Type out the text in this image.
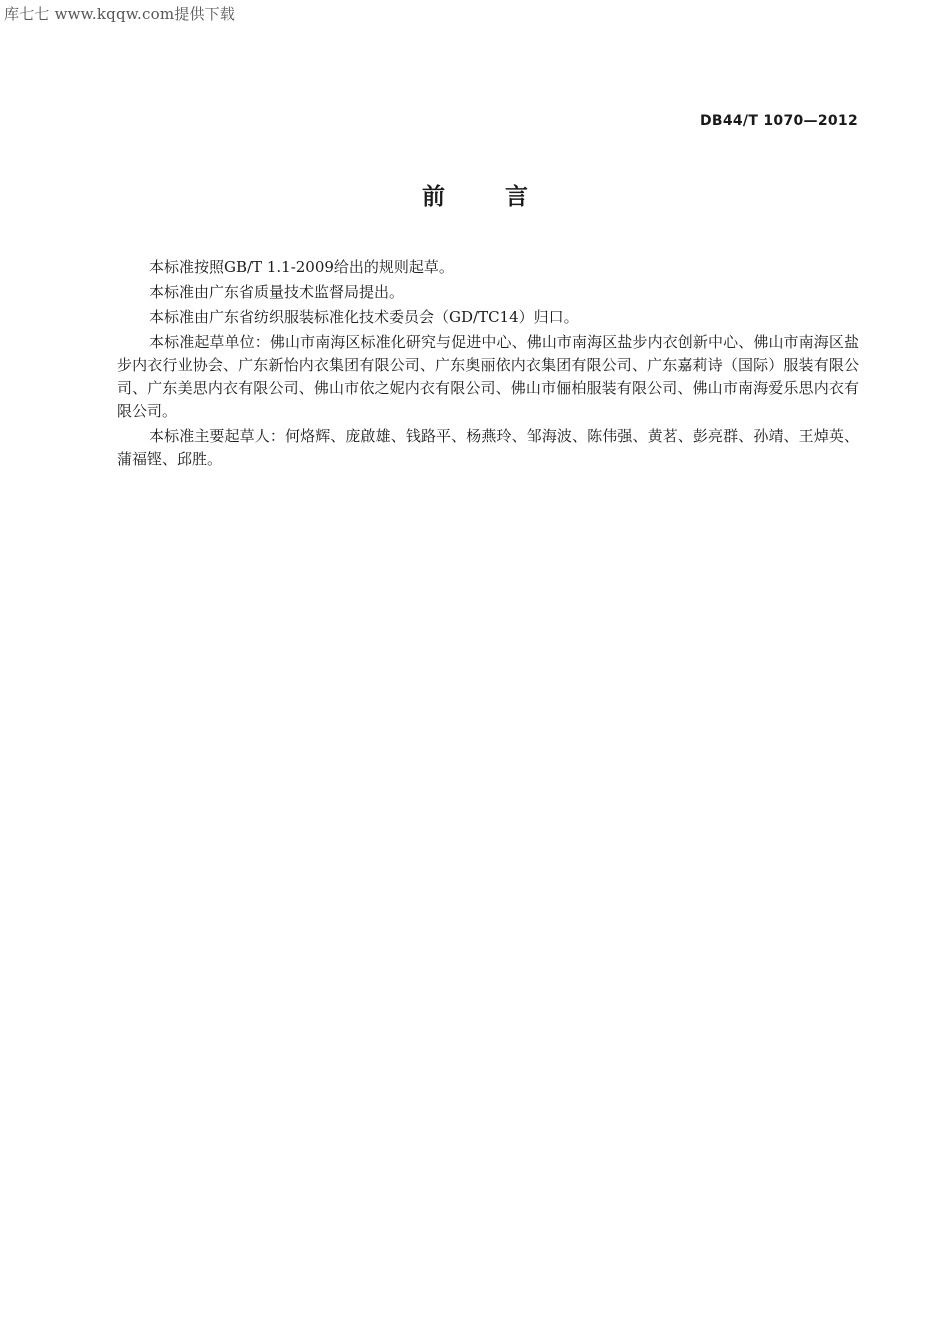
库七七 www.kqqw.com提供下载
DB44/T 1070—2012
前言

本标准按照GB/T 1.1-2009给出的规则起草。

本标准由广东省质量技术监督局提出。

本标准由广东省纺织服装标准化技术委员会（GD/TC14）归口。

本标准起草单位：佛山市南海区标准化研究与促进中心、佛山市南海区盐步内衣创新中心、佛山市南海区盐步内衣行业协会、广东新怡内衣集团有限公司、广东奥丽依内衣集团有限公司、广东嘉莉诗（国际）服装有限公司、广东美思内衣有限公司、佛山市依之妮内衣有限公司、佛山市俪柏服装有限公司、佛山市南海爱乐思内衣有限公司。

本标准主要起草人：何烙辉、庞啟雄、钱路平、杨燕玲、邹海波、陈伟强、黄茗、彭亮群、孙靖、王焯英、蒲福铿、邱胜。
